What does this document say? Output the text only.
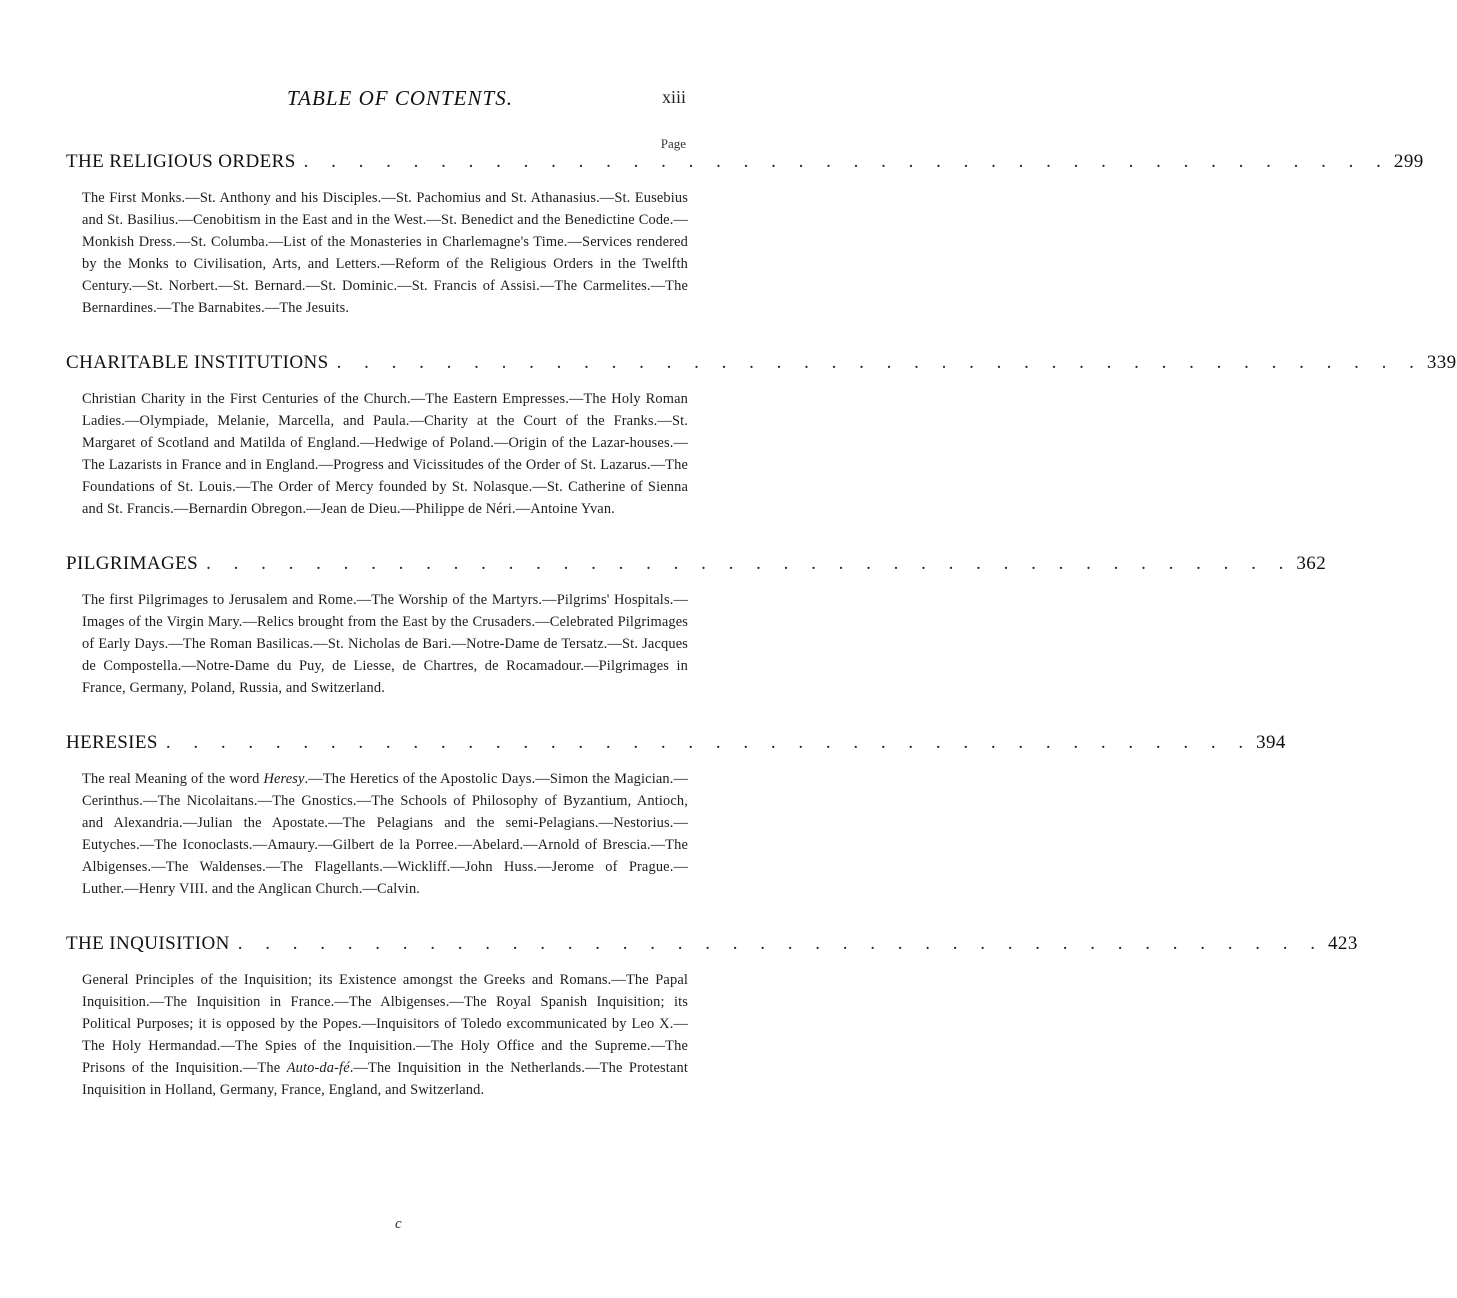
TABLE OF CONTENTS.	xiii
Page
THE RELIGIOUS ORDERS . . . . . . . . . . . . . . . . . . . . . . . . . . . . . . . . . . . . . . . . 299
The First Monks.—St. Anthony and his Disciples.—St. Pachomius and St. Athanasius.—St. Eusebius and St. Basilius.—Cenobitism in the East and in the West.—St. Benedict and the Benedictine Code.—Monkish Dress.—St. Columba.—List of the Monasteries in Charlemagne's Time.—Services rendered by the Monks to Civilisation, Arts, and Letters.—Reform of the Religious Orders in the Twelfth Century.—St. Norbert.—St. Bernard.—St. Dominic.—St. Francis of Assisi.—The Carmelites.—The Bernardines.—The Barnabites.—The Jesuits.
CHARITABLE INSTITUTIONS . . . . . . . . . . . . . . . . . . . . . . . . . . . . . . . . . . . . . . . . 339
Christian Charity in the First Centuries of the Church.—The Eastern Empresses.—The Holy Roman Ladies.—Olympiade, Melanie, Marcella, and Paula.—Charity at the Court of the Franks.—St. Margaret of Scotland and Matilda of England.—Hedwige of Poland.—Origin of the Lazar-houses.—The Lazarists in France and in England.—Progress and Vicissitudes of the Order of St. Lazarus.—The Foundations of St. Louis.—The Order of Mercy founded by St. Nolasque.—St. Catherine of Sienna and St. Francis.—Bernardin Obregon.—Jean de Dieu.—Philippe de Néri.—Antoine Yvan.
PILGRIMAGES . . . . . . . . . . . . . . . . . . . . . . . . . . . . . . . . . . . . . . . . 362
The first Pilgrimages to Jerusalem and Rome.—The Worship of the Martyrs.—Pilgrims' Hospitals.—Images of the Virgin Mary.—Relics brought from the East by the Crusaders.—Celebrated Pilgrimages of Early Days.—The Roman Basilicas.—St. Nicholas de Bari.—Notre-Dame de Tersatz.—St. Jacques de Compostella.—Notre-Dame du Puy, de Liesse, de Chartres, de Rocamadour.—Pilgrimages in France, Germany, Poland, Russia, and Switzerland.
HERESIES . . . . . . . . . . . . . . . . . . . . . . . . . . . . . . . . . . . . . . . . 394
The real Meaning of the word Heresy.—The Heretics of the Apostolic Days.—Simon the Magician.—Cerinthus.—The Nicolaitans.—The Gnostics.—The Schools of Philosophy of Byzantium, Antioch, and Alexandria.—Julian the Apostate.—The Pelagians and the semi-Pelagians.—Nestorius.—Eutyches.—The Iconoclasts.—Amaury.—Gilbert de la Porree.—Abelard.—Arnold of Brescia.—The Albigenses.—The Waldenses.—The Flagellants.—Wickliff.—John Huss.—Jerome of Prague.—Luther.—Henry VIII. and the Anglican Church.—Calvin.
THE INQUISITION . . . . . . . . . . . . . . . . . . . . . . . . . . . . . . . . . . . . . . . . 423
General Principles of the Inquisition; its Existence amongst the Greeks and Romans.—The Papal Inquisition.—The Inquisition in France.—The Albigenses.—The Royal Spanish Inquisition; its Political Purposes; it is opposed by the Popes.—Inquisitors of Toledo excommunicated by Leo X.—The Holy Hermandad.—The Spies of the Inquisition.—The Holy Office and the Supreme.—The Prisons of the Inquisition.—The Auto-da-fé.—The Inquisition in the Netherlands.—The Protestant Inquisition in Holland, Germany, France, England, and Switzerland.
c
